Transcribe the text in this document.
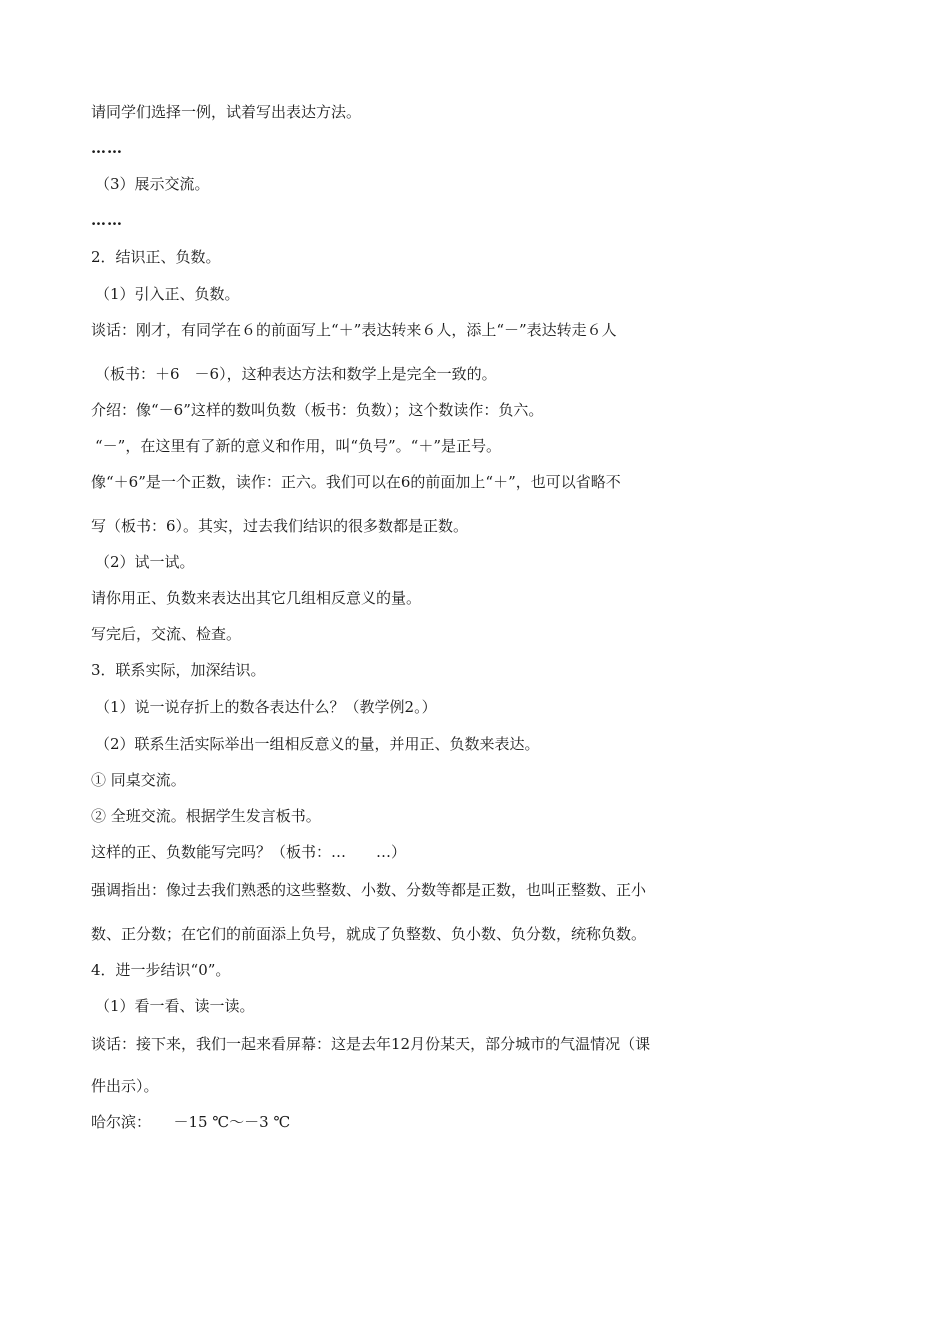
请同学们选择一例，试着写出表达方法。
……
（3）展示交流。
……
2．结识正、负数。
（1）引入正、负数。
谈话：刚才，有同学在６的前面写上“＋”表达转来６人，添上“－”表达转走６人
（板书：＋6　－6），这种表达方法和数学上是完全一致的。
介绍：像“－6”这样的数叫负数（板书：负数）；这个数读作：负六。
“－”，在这里有了新的意义和作用，叫“负号”。“＋”是正号。
像“＋6”是一个正数，读作：正六。我们可以在6的前面加上“＋”，也可以省略不
写（板书：6）。其实，过去我们结识的很多数都是正数。
（2）试一试。
请你用正、负数来表达出其它几组相反意义的量。
写完后，交流、检查。
3．联系实际，加深结识。
（1）说一说存折上的数各表达什么？（教学例2。）
（2）联系生活实际举出一组相反意义的量，并用正、负数来表达。
① 同桌交流。
② 全班交流。根据学生发言板书。
这样的正、负数能写完吗？（板书：…　　…）
强调指出：像过去我们熟悉的这些整数、小数、分数等都是正数，也叫正整数、正小
数、正分数；在它们的前面添上负号，就成了负整数、负小数、负分数，统称负数。
4．进一步结识“0”。
（1）看一看、读一读。
谈话：接下来，我们一起来看屏幕：这是去年12月份某天，部分城市的气温情况（课
件出示）。
哈尔滨：　　－15 ℃～－3 ℃
